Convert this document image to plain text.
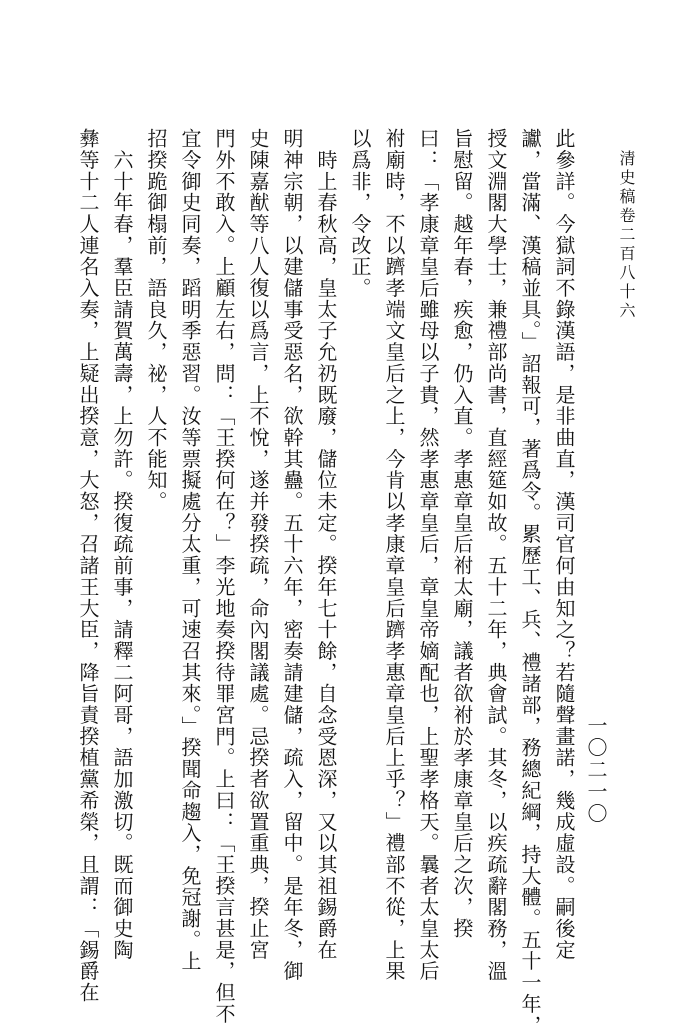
清史稿卷二百八十六
一〇二一〇
此參詳。今獄詞不錄漢語，是非曲直，漢司官何由知之？若隨聲畫諾，幾成虛設。嗣後定
讞，當滿、漢稿並具。」詔報可，著爲令。累歷工、兵、禮諸部，務總紀綱，持大體。五十一年，
授文淵閣大學士，兼禮部尚書，直經筵如故。五十二年，典會試。其冬，以疾疏辭閣務，溫
旨慰留。越年春，疾愈，仍入直。孝惠章皇后祔太廟，議者欲祔於孝康章皇后之次，揆
曰：「孝康章皇后雖母以子貴，然孝惠章皇后，章皇帝嫡配也，上聖孝格天。曩者太皇太后
祔廟時，不以躋孝端文皇后之上，今肯以孝康章皇后躋孝惠章皇后上乎？」禮部不從，上果
以爲非，令改正。
　時上春秋高，皇太子允礽既廢，儲位未定。揆年七十餘，自念受恩深，又以其祖錫爵在
明神宗朝，以建儲事受惡名，欲幹其蠱。五十六年，密奏請建儲，疏入，留中。是年冬，御
史陳嘉猷等八人復以爲言，上不悅，遂并發揆疏，命內閣議處。忌揆者欲置重典，揆止宮
門外不敢入。上顧左右，問：「王揆何在？」李光地奏揆待罪宮門。上曰：「王揆言甚是，但不
宜令御史同奏，蹈明季惡習。汝等票擬處分太重，可速召其來。」揆聞命趨入，免冠謝。上
招揆跪御榻前，語良久，祕，人不能知。
　六十年春，羣臣請賀萬壽，上勿許。揆復疏前事，請釋二阿哥，語加激切。既而御史陶
彝等十二人連名入奏，上疑出揆意，大怒，召諸王大臣，降旨責揆植黨希榮，且謂：「錫爵在
